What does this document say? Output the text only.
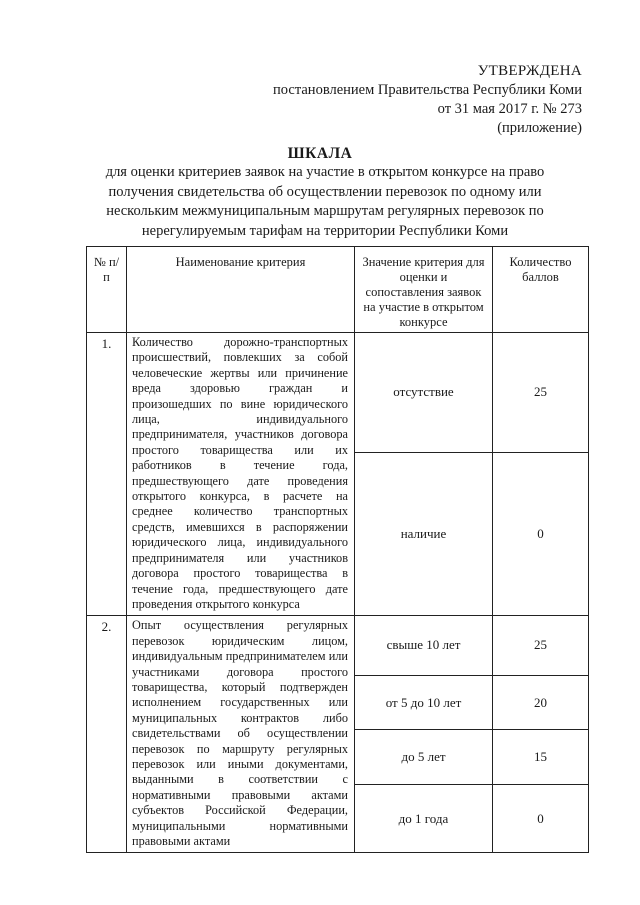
УТВЕРЖДЕНА
постановлением Правительства Республики Коми
от 31 мая 2017 г. № 273
(приложение)
ШКАЛА
для оценки критериев заявок на участие в открытом конкурсе на право получения свидетельства об осуществлении перевозок по одному или нескольким межмуниципальным маршрутам регулярных перевозок по нерегулируемым тарифам на территории Республики Коми
№ п/п	Наименование критерия	Значение критерия для оценки и сопоставления заявок на участие в открытом конкурсе	Количество баллов

1.	Количество дорожно-транспортных происшествий, повлекших за собой человеческие жертвы или причинение вреда здоровью граждан и произошедших по вине юридического лица, индивидуального предпринимателя, участников договора простого товарищества или их работников в течение года, предшествующего дате проведения открытого конкурса, в расчете на среднее количество транспортных средств, имевшихся в распоряжении юридического лица, индивидуального предпринимателя или участников договора простого товарищества в течение года, предшествующего дате проведения открытого конкурса	отсутствие	25
		наличие	0
2.	Опыт осуществления регулярных перевозок юридическим лицом, индивидуальным предпринимателем или участниками договора простого товарищества, который подтвержден исполнением государственных или муниципальных контрактов либо свидетельствами об осуществлении перевозок по маршруту регулярных перевозок или иными документами, выданными в соответствии с нормативными правовыми актами субъектов Российской Федерации, муниципальными нормативными правовыми актами	свыше 10 лет	25
		от 5 до 10 лет	20
		до 5 лет	15
		до 1 года	0
